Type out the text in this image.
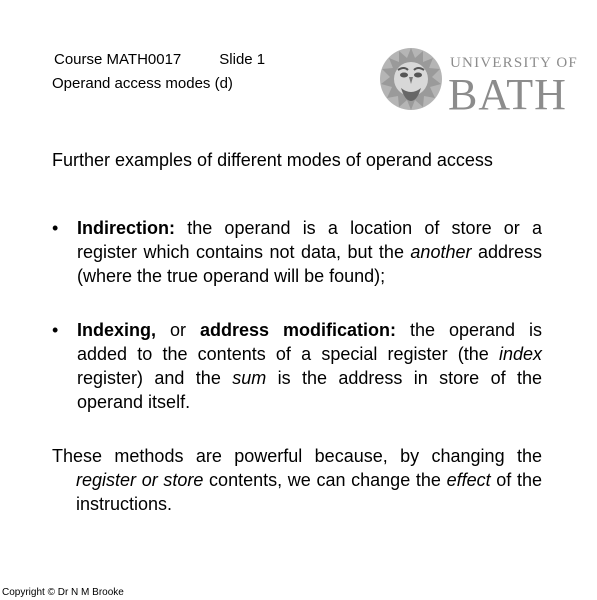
Course MATH0017	Slide 1
Operand access modes (d)
UNIVERSITY OF
BATH

Further examples of different modes of operand access

• Indirection: the operand is a location of store or a register which contains not data, but the another address (where the true operand will be found);
• Indexing, or address modification: the operand is added to the contents of a special register (the index register) and the sum is the address in store of the operand itself.

These methods are powerful because, by changing the register or store contents, we can change the effect of the instructions.

Copyright © Dr N M Brooke
